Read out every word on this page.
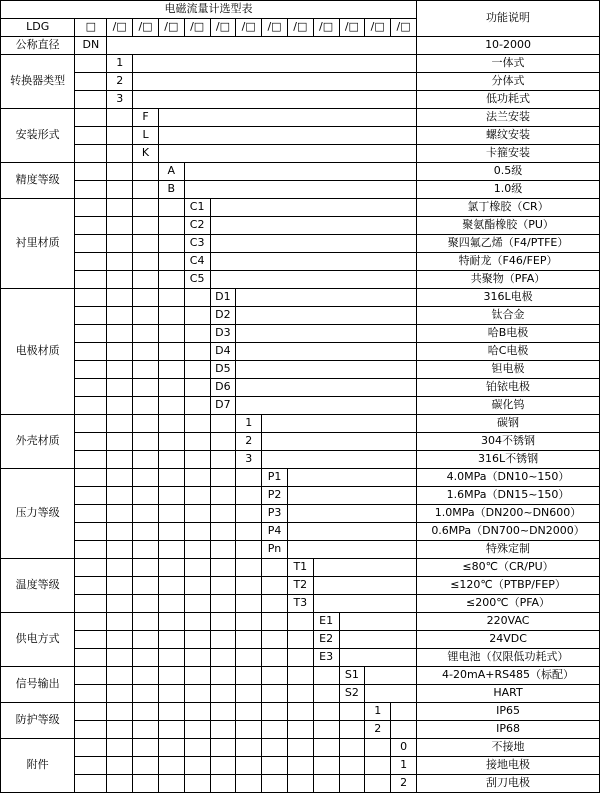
电磁流量计选型表														功能说明
LDG	□	/□	/□	/□	/□	/□	/□	/□	/□	/□	/□	/□	/□	
公称直径	DN													10-2000
转换器类型		1												一体式
		2												分体式
		3												低功耗式
安装形式			F											法兰安装
			L											螺纹安装
			K											卡箍安装
精度等级				A										0.5级
				B										1.0级
衬里材质					C1									氯丁橡胶（CR）
					C2									聚氨酯橡胶（PU）
					C3									聚四氟乙烯（F4/PTFE）
					C4									特耐龙（F46/FEP）
					C5									共聚物（PFA）
电极材质						D1								316L电极
						D2								钛合金
						D3								哈B电极
						D4								哈C电极
						D5								钽电极
						D6								铂铱电极
						D7								碳化钨
外壳材质							1							碳钢
							2							304不锈钢
							3							316L不锈钢
压力等级								P1						4.0MPa（DN10~150）
								P2						1.6MPa（DN15~150）
								P3						1.0MPa（DN200~DN600）
								P4						0.6MPa（DN700~DN2000）
								Pn						特殊定制
温度等级									T1					≤80℃（CR/PU）
									T2					≤120℃（PTBP/FEP）
									T3					≤200℃（PFA）
供电方式										E1				220VAC
										E2				24VDC
										E3				锂电池（仅限低功耗式）
信号输出											S1			4-20mA+RS485（标配）
											S2			HART
防护等级												1		IP65
												2		IP68
附件													0	不接地
													1	接地电极
													2	刮刀电极
